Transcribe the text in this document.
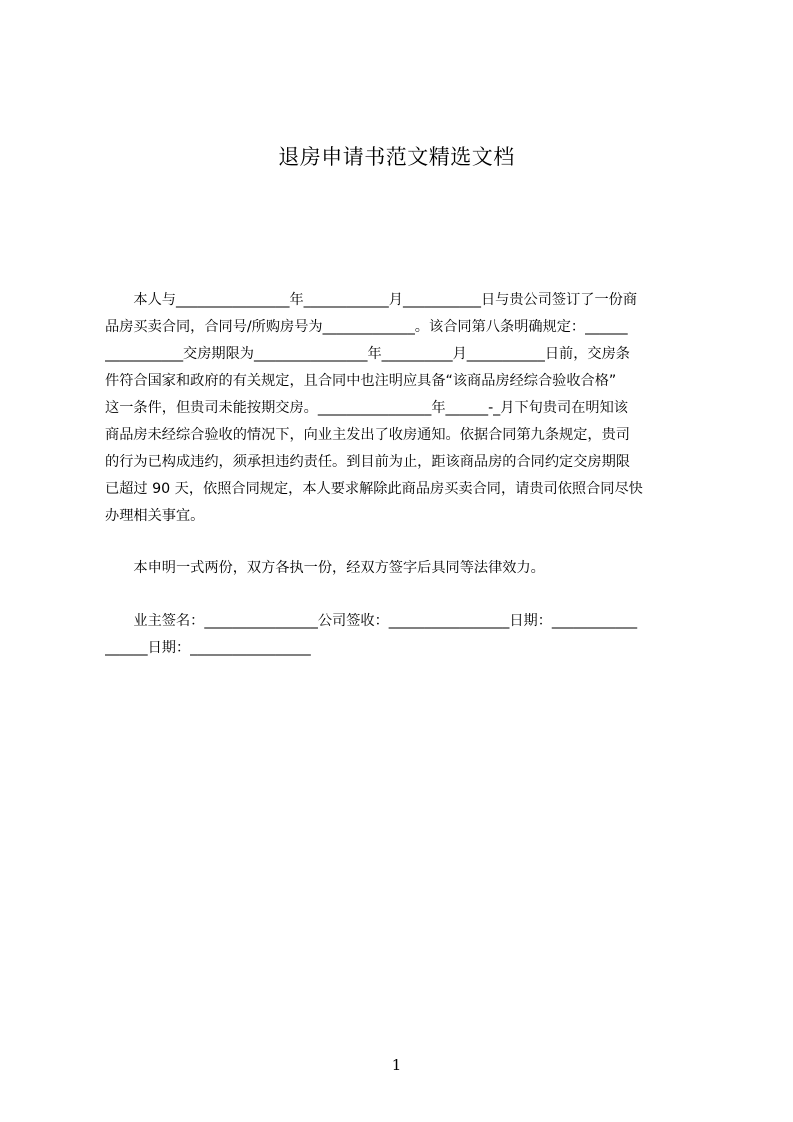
退房申请书范文精选文档
　　本人与________________年____________月___________日与贵公司签订了一份商
品房买卖合同，合同号/所购房号为_____________。该合同第八条明确规定：______
___________交房期限为________________年__________月___________日前，交房条
件符合国家和政府的有关规定，且合同中也注明应具备“该商品房经综合验收合格”
这一条件，但贵司未能按期交房。________________年______-_月下旬贵司在明知该
商品房未经综合验收的情况下，向业主发出了收房通知。依据合同第九条规定，贵司
的行为已构成违约，须承担违约责任。到目前为止，距该商品房的合同约定交房期限
已超过 90 天，依照合同规定，本人要求解除此商品房买卖合同，请贵司依照合同尽快
办理相关事宜。
　　本申明一式两份，双方各执一份，经双方签字后具同等法律效力。
　　业主签名：________________公司签收：_________________日期：____________
______日期：_________________
1
